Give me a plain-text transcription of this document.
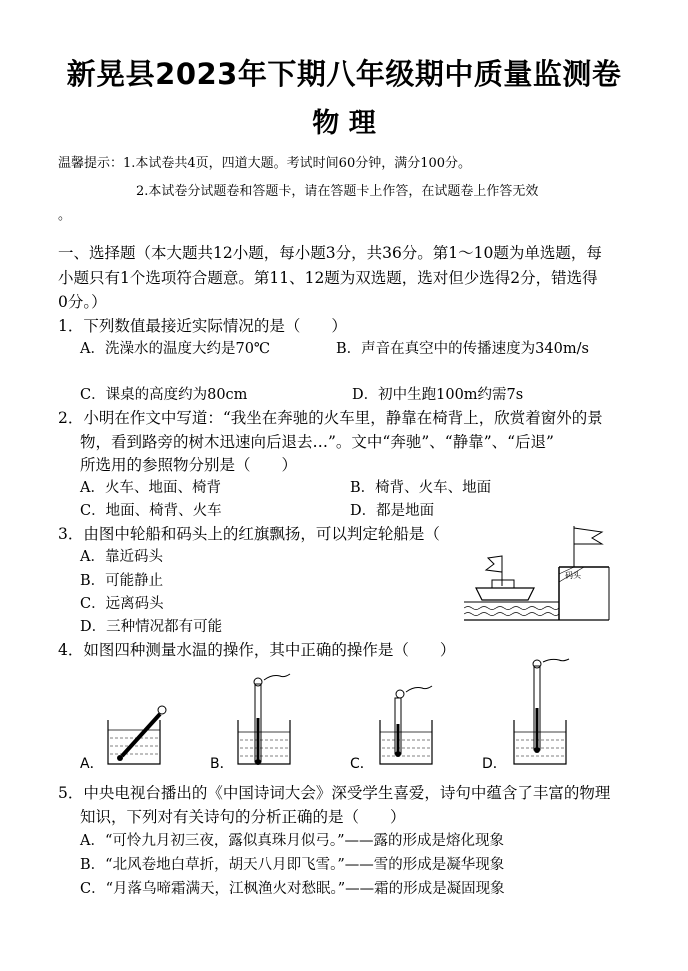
新晃县2023年下期八年级期中质量监测卷
物 理
温馨提示：1.本试卷共4页，四道大题。考试时间60分钟，满分100分。
2.本试卷分试题卷和答题卡，请在答题卡上作答，在试题卷上作答无效
。
一、选择题（本大题共12小题，每小题3分，共36分。第1～10题为单选题，每
小题只有1个选项符合题意。第11、12题为双选题，选对但少选得2分，错选得
0分。）
1．下列数值最接近实际情况的是（　　）
A．洗澡水的温度大约是70℃	B．声音在真空中的传播速度为340m/s
C．课桌的高度约为80cm	D．初中生跑100m约需7s
2．小明在作文中写道：“我坐在奔驰的火车里，静靠在椅背上，欣赏着窗外的景
物，看到路旁的树木迅速向后退去…”。文中“奔驰”、“静靠”、“后退”
所选用的参照物分别是（　　）
A．火车、地面、椅背	B．椅背、火车、地面
C．地面、椅背、火车	D．都是地面
3．由图中轮船和码头上的红旗飘扬，可以判定轮船是（
A．靠近码头
B．可能静止
C．远离码头
D．三种情况都有可能
码头
4．如图四种测量水温的操作，其中正确的操作是（　　）
A．	B．	C．	D．
5．中央电视台播出的《中国诗词大会》深受学生喜爱，诗句中蕴含了丰富的物理
知识，下列对有关诗句的分析正确的是（　　）
A．“可怜九月初三夜，露似真珠月似弓。”——露的形成是熔化现象
B．“北风卷地白草折，胡天八月即飞雪。”——雪的形成是凝华现象
C．“月落乌啼霜满天，江枫渔火对愁眠。”——霜的形成是凝固现象
